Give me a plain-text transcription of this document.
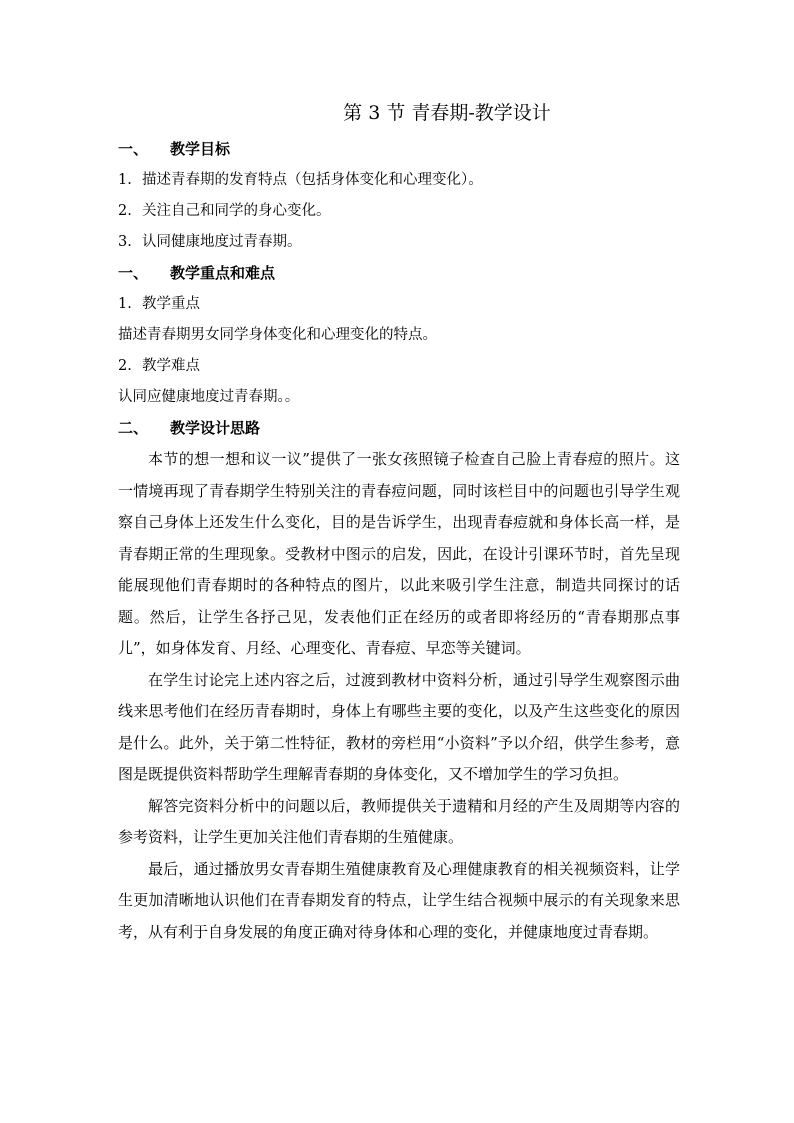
第 3 节 青春期-教学设计
一、 教学目标
1. 描述青春期的发育特点（包括身体变化和心理变化）。
2. 关注自己和同学的身心变化。
3. 认同健康地度过青春期。
一、 教学重点和难点
1. 教学重点
描述青春期男女同学身体变化和心理变化的特点。
2. 教学难点
认同应健康地度过青春期。。
二、 教学设计思路

本节的想一想和议一议”提供了一张女孩照镜子检查自己脸上青春痘的照片。这一情境再现了青春期学生特别关注的青春痘问题，同时该栏目中的问题也引导学生观察自己身体上还发生什么变化，目的是告诉学生，出现青春痘就和身体长高一样，是青春期正常的生理现象。受教材中图示的启发，因此，在设计引课环节时，首先呈现能展现他们青春期时的各种特点的图片，以此来吸引学生注意，制造共同探讨的话题。然后，让学生各抒己见，发表他们正在经历的或者即将经历的“青春期那点事儿”，如身体发育、月经、心理变化、青春痘、早恋等关键词。

在学生讨论完上述内容之后，过渡到教材中资料分析，通过引导学生观察图示曲线来思考他们在经历青春期时，身体上有哪些主要的变化，以及产生这些变化的原因是什么。此外，关于第二性特征，教材的旁栏用“小资料”予以介绍，供学生参考，意图是既提供资料帮助学生理解青春期的身体变化，又不增加学生的学习负担。

解答完资料分析中的问题以后，教师提供关于遗精和月经的产生及周期等内容的参考资料，让学生更加关注他们青春期的生殖健康。

最后，通过播放男女青春期生殖健康教育及心理健康教育的相关视频资料，让学生更加清晰地认识他们在青春期发育的特点，让学生结合视频中展示的有关现象来思考，从有利于自身发展的角度正确对待身体和心理的变化，并健康地度过青春期。
